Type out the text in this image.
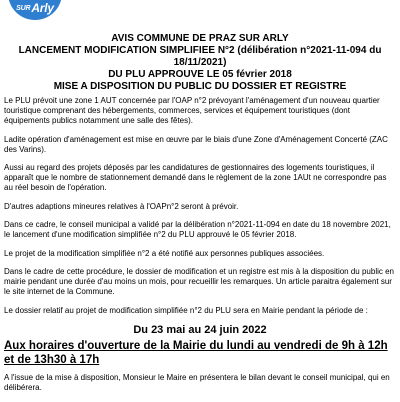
SUR Arly
AVIS COMMUNE DE PRAZ SUR ARLY
LANCEMENT MODIFICATION SIMPLIFIEE N°2 (délibération n°2021-11-094 du
18/11/2021)
DU PLU APPROUVE LE 05 février 2018
MISE A DISPOSITION DU PUBLIC DU DOSSIER ET REGISTRE

Le PLU prévoit une zone 1 AUT concernée par l'OAP n°2 prévoyant l'aménagement d'un nouveau quartier touristique comprenant des hébergements, commerces, services et équipement touristiques (dont équipements publics notamment une salle des fêtes).

Ladite opération d'aménagement est mise en œuvre par le biais d'une Zone d'Aménagement Concerté (ZAC des Varins).

Aussi au regard des projets déposés par les candidatures de gestionnaires des logements touristiques, il apparaît que le nombre de stationnement demandé dans le règlement de la zone 1AUt ne correspondre pas au réel besoin de l'opération.

D'autres adaptions mineures relatives à l'OAPn°2 seront à prévoir.

Dans ce cadre, le conseil municipal a validé par la délibération n°2021-11-094 en date du 18 novembre 2021, le lancement d'une modification simplifiée n°2 du PLU approuvé le 05 février 2018.

Le projet de la modification simplifiée n°2 a été notifié aux personnes publiques associées.

Dans le cadre de cette procédure, le dossier de modification et un registre est mis à la disposition du public en mairie pendant une durée d'au moins un mois, pour recueillir les remarques. Un article paraitra également sur le site internet de la Commune.

Le dossier relatif au projet de modification simplifiée n°2 du PLU sera en Mairie pendant la période de :

Du 23 mai au 24 juin 2022
Aux horaires d'ouverture de la Mairie du lundi au vendredi de 9h à 12h et de 13h30 à 17h

A l'issue de la mise à disposition, Monsieur le Maire en présentera le bilan devant le conseil municipal, qui en délibérera.
